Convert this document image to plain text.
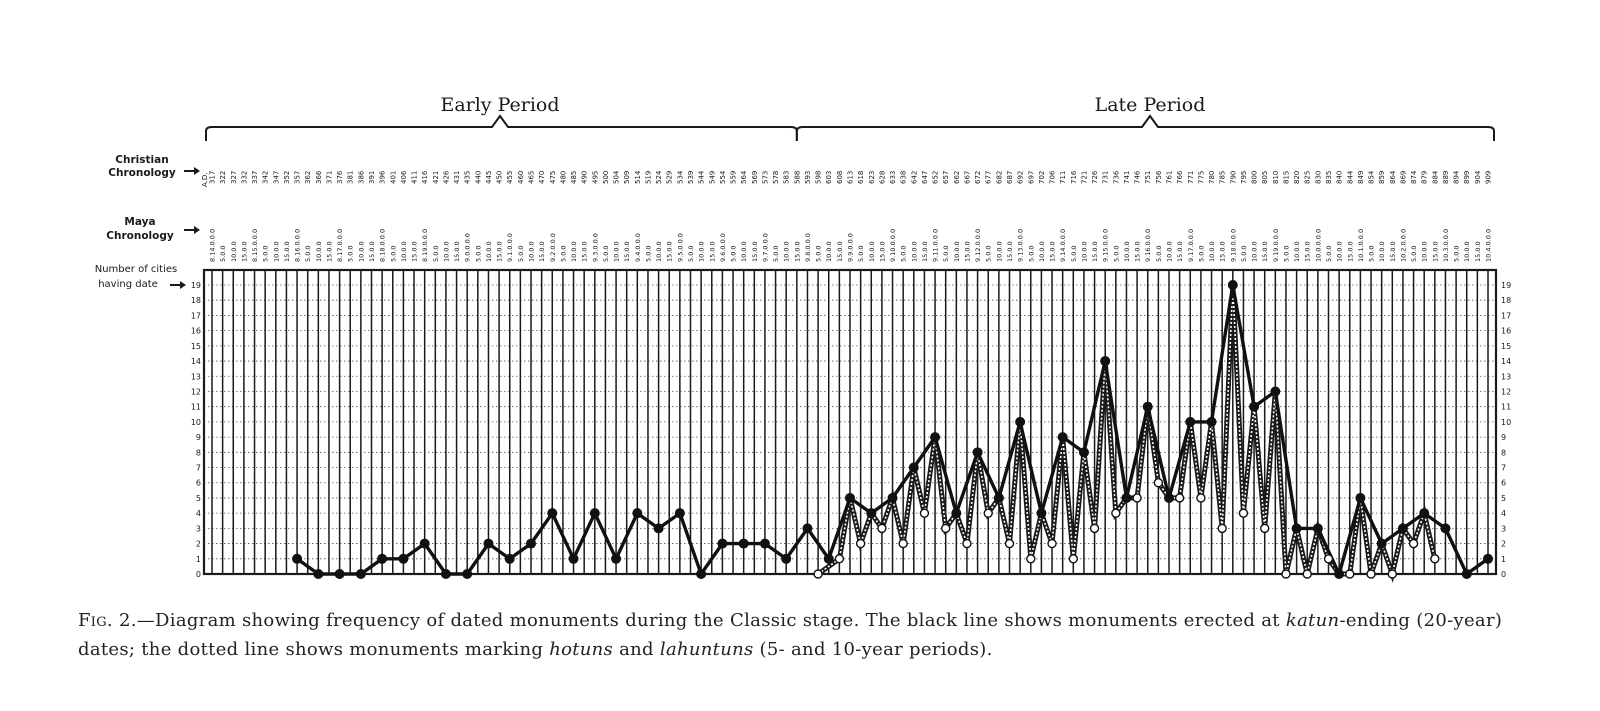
Early Period	Late Period
Christian
Chronology
Maya
Chronology
Number of cities
having date
A.D. 317 322 327 332 337 342 347 352 357 362 366 371 376 381 386 391 396 401 406 411 416 421 426 431 435 440 445 450 455 460 465 470 475 480 485 490 495 500 504 509 514 519 524 529 534 539 544 549 554 559 564 569 573 578 583 588 593 598 603 608 613 618 623 628 633 638 642 647 652 657 662 667 672 677 682 687 692 697 702 706 711 716 721 726 731 736 741 746 751 756 761 766 771 775 780 785 790 795 800 805 810 815 820 825 830 835 840 844 849 854 859 864 869 874 879 884 889 894 899 904 909
8.14.0.0.0 5.0.0 10.0.0 15.0.0 8.15.0.0.0 5.0.0 10.0.0 15.0.0 8.16.0.0.0 5.0.0 10.0.0 15.0.0 8.17.0.0.0 5.0.0 10.0.0 15.0.0 8.18.0.0.0 5.0.0 10.0.0 15.0.0 8.19.0.0.0 5.0.0 10.0.0 15.0.0 9.0.0.0.0 5.0.0 10.0.0 15.0.0 9.1.0.0.0 5.0.0 10.0.0 15.0.0 9.2.0.0.0 5.0.0 10.0.0 15.0.0 9.3.0.0.0 5.0.0 10.0.0 15.0.0 9.4.0.0.0 5.0.0 10.0.0 15.0.0 9.5.0.0.0 5.0.0 10.0.0 15.0.0 9.6.0.0.0 5.0.0 10.0.0 15.0.0 9.7.0.0.0 5.0.0 10.0.0 15.0.0 9.8.0.0.0 5.0.0 10.0.0 15.0.0 9.9.0.0.0 5.0.0 10.0.0 15.0.0 9.10.0.0.0 5.0.0 10.0.0 15.0.0 9.11.0.0.0 5.0.0 10.0.0 15.0.0 9.12.0.0.0 5.0.0 10.0.0 15.0.0 9.13.0.0.0 5.0.0 10.0.0 15.0.0 9.14.0.0.0 5.0.0 10.0.0 15.0.0 9.15.0.0.0 5.0.0 10.0.0 15.0.0 9.16.0.0.0 5.0.0 10.0.0 15.0.0 9.17.0.0.0 5.0.0 10.0.0 15.0.0 9.18.0.0.0 5.0.0 10.0.0 15.0.0 9.19.0.0.0 5.0.0 10.0.0 15.0.0 10.0.0.0.0 5.0.0 10.0.0 15.0.0 10.1.0.0.0 5.0.0 10.0.0 15.0.0 10.2.0.0.0 5.0.0 10.0.0 15.0.0 10.3.0.0.0 5.0.0 10.0.0 15.0.0 10.4.0.0.0
0	0
1	1
2	2
3	3
4	4
5	5
6	6
7	7
8	8
9	9
10	10
11	11
12	12
13	13
14	14
15	15
16	16
17	17
18	18
19	19
Fig. 2.—Diagram showing frequency of dated monuments during the Classic stage. The black line shows monuments erected at katun-ending (20-year) dates; the dotted line shows monuments marking hotuns and lahuntuns (5- and 10-year periods).
